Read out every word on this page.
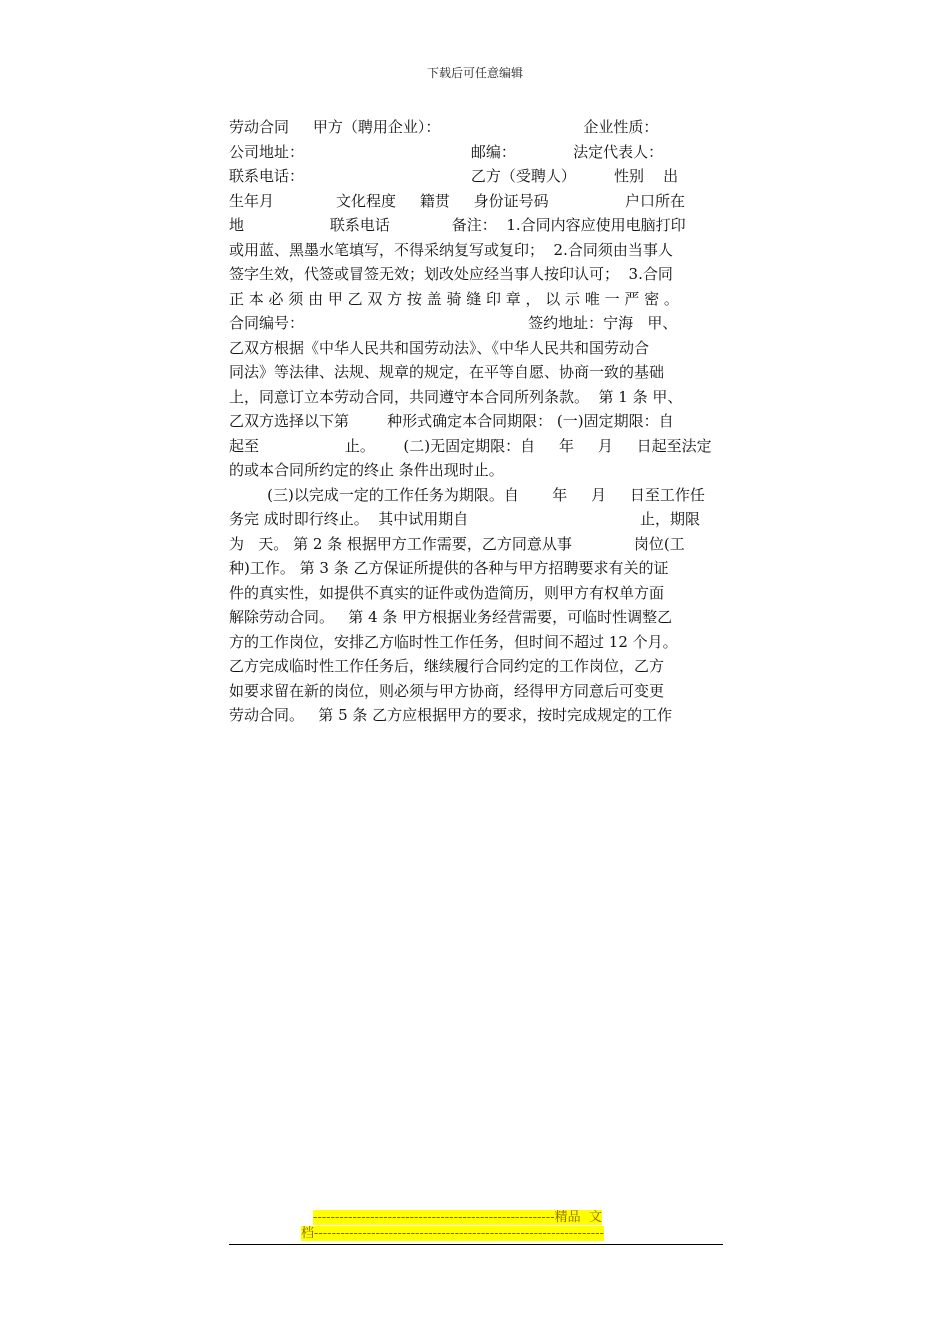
下载后可任意编辑
劳动合同     甲方（聘用企业）：                              企业性质：
公司地址：                                   邮编：            法定代表人：
联系电话：                                   乙方（受聘人）        性别    出
生年月             文化程度     籍贯     身份证号码                户口所在
地                  联系电话             备注：  1.合同内容应使用电脑打印
或用蓝、黑墨水笔填写，不得采纳复写或复印；  2.合同须由当事人
签字生效，代签或冒签无效；划改处应经当事人按印认可；  3.合同
正 本 必 须 由 甲 乙 双 方 按 盖 骑 缝 印 章 ， 以 示 唯 一 严 密 。
合同编号：                                               签约地址：宁海   甲、
乙双方根据《中华人民共和国劳动法》、《中华人民共和国劳动合
同法》等法律、法规、规章的规定，在平等自愿、协商一致的基础
上，同意订立本劳动合同，共同遵守本合同所列条款。  第 1 条 甲、
乙双方选择以下第        种形式确定本合同期限： (一)固定期限：自
起至                  止。      (二)无固定期限：自     年     月     日起至法定
的或本合同所约定的终止 条件出现时止。
(三)以完成一定的工作任务为期限。自       年     月     日至工作任
务完 成时即行终止。  其中试用期自                                    止，期限
为   天。 第 2 条 根据甲方工作需要，乙方同意从事             岗位(工
种)工作。 第 3 条 乙方保证所提供的各种与甲方招聘要求有关的证
件的真实性，如提供不真实的证件或伪造简历，则甲方有权单方面
解除劳动合同。   第 4 条 甲方根据业务经营需要，可临时性调整乙
方的工作岗位，安排乙方临时性工作任务，但时间不超过 12 个月。
乙方完成临时性工作任务后，继续履行合同约定的工作岗位，乙方
如要求留在新的岗位，则必须与甲方协商，经得甲方同意后可变更
劳动合同。   第 5 条 乙方应根据甲方的要求，按时完成规定的工作
-------------------------------------------------------精品  文
档------------------------------------------------------------------
